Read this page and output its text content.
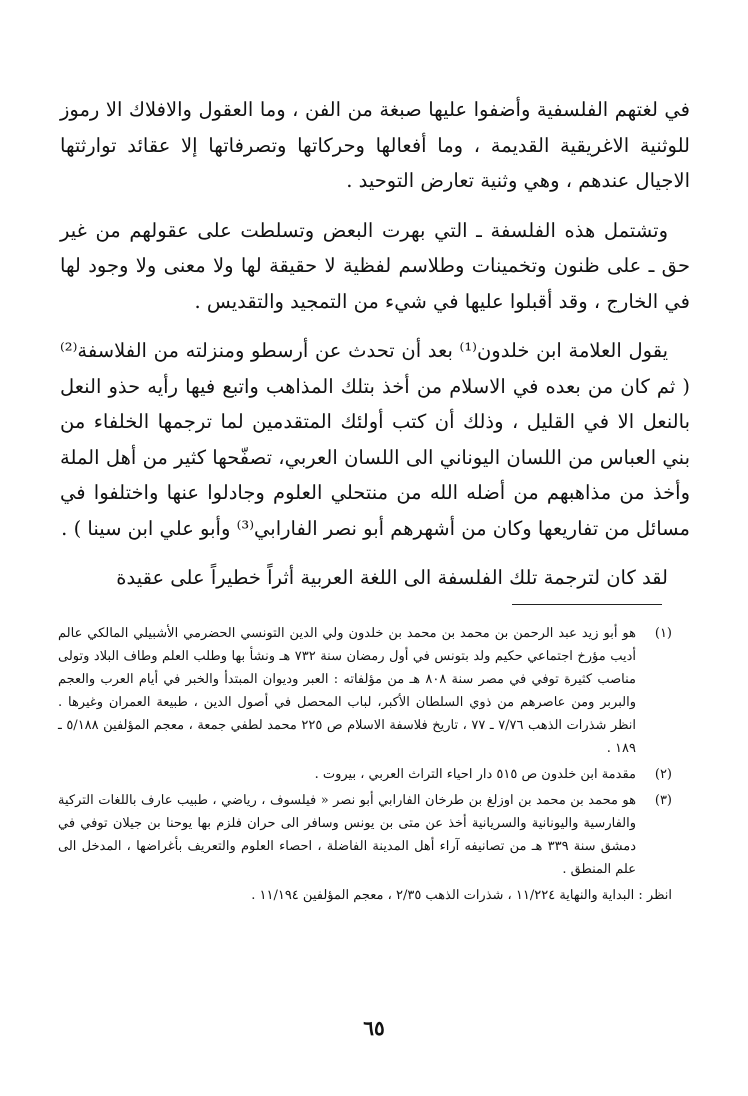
في لغتهم الفلسفية وأضفوا عليها صبغة من الفن ، وما العقول والافلاك الا رموز للوثنية الاغريقية القديمة ، وما أفعالها وحركاتها وتصرفاتها إلا عقائد توارثتها الاجيال عندهم ، وهي وثنية تعارض التوحيد .

وتشتمل هذه الفلسفة ـ التي بهرت البعض وتسلطت على عقولهم من غير حق ـ على ظنون وتخمينات وطلاسم لفظية لا حقيقة لها ولا معنى ولا وجود لها في الخارج ، وقد أقبلوا عليها في شيء من التمجيد والتقديس .

يقول العلامة ابن خلدون⁽¹⁾ بعد أن تحدث عن أرسطو ومنزلته من الفلاسفة⁽²⁾ ( ثم كان من بعده في الاسلام من أخذ بتلك المذاهب واتبع فيها رأيه حذو النعل بالنعل الا في القليل ، وذلك أن كتب أولئك المتقدمين لما ترجمها الخلفاء من بني العباس من اللسان اليوناني الى اللسان العربي، تصفّحها كثير من أهل الملة وأخذ من مذاهبهم من أضله الله من منتحلي العلوم وجادلوا عنها واختلفوا في مسائل من تفاريعها وكان من أشهرهم أبو نصر الفارابي⁽³⁾ وأبو علي ابن سينا ) .

لقد كان لترجمة تلك الفلسفة الى اللغة العربية أثراً خطيراً على عقيدة

(١)
هو أبو زيد عبد الرحمن بن محمد بن محمد بن خلدون ولي الدين التونسي الحضرمي الأشبيلي المالكي عالم أديب مؤرخ اجتماعي حكيم ولد بتونس في أول رمضان سنة ٧٣٢ هـ ونشأ بها وطلب العلم وطاف البلاد وتولى مناصب كثيرة توفي في مصر سنة ٨٠٨ هـ من مؤلفاته : العبر وديوان المبتدأ والخبر في أيام العرب والعجم والبربر ومن عاصرهم من ذوي السلطان الأكبر، لباب المحصل في أصول الدين ، طبيعة العمران وغيرها . انظر شذرات الذهب ٧/٧٦ ـ ٧٧ ، تاريخ فلاسفة الاسلام ص ٢٢٥ محمد لطفي جمعة ، معجم المؤلفين ٥/١٨٨ ـ ١٨٩ .
(٢)
مقدمة ابن خلدون ص ٥١٥ دار احياء التراث العربي ، بيروت .
(٣)
هو محمد بن محمد بن اوزلغ بن طرخان الفارابي أبو نصر « فيلسوف ، رياضي ، طبيب عارف باللغات التركية والفارسية واليونانية والسريانية أخذ عن متى بن يونس وسافر الى حران فلزم بها يوحنا بن جيلان توفي في دمشق سنة ٣٣٩ هـ من تصانيفه آراء أهل المدينة الفاضلة ، احصاء العلوم والتعريف بأغراضها ، المدخل الى علم المنطق .
انظر : البداية والنهاية ١١/٢٢٤ ، شذرات الذهب ٢/٣٥ ، معجم المؤلفين ١١/١٩٤ .
٦٥
